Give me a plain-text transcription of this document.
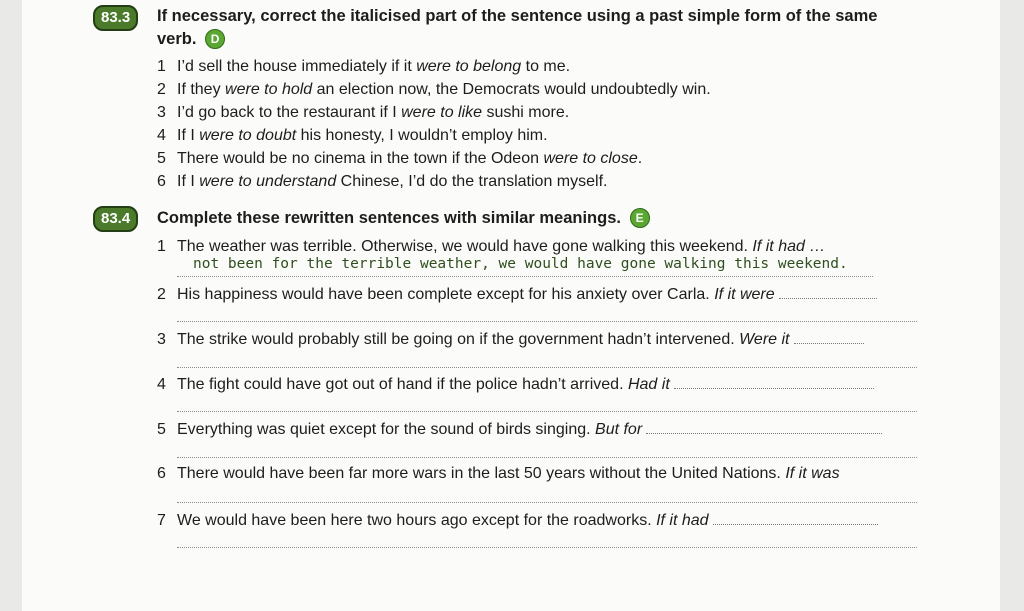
83.3	If necessary, correct the italicised part of the sentence using a past simple form of the same
verb. D
1 I’d sell the house immediately if it were to belong to me.
2 If they were to hold an election now, the Democrats would undoubtedly win.
3 I’d go back to the restaurant if I were to like sushi more.
4 If I were to doubt his honesty, I wouldn’t employ him.
5 There would be no cinema in the town if the Odeon were to close.
6 If I were to understand Chinese, I’d do the translation myself.
83.4	Complete these rewritten sentences with similar meanings. E
1 The weather was terrible. Otherwise, we would have gone walking this weekend. If it had …
not been for the terrible weather, we would have gone walking this weekend.
2 His happiness would have been complete except for his anxiety over Carla. If it were
3 The strike would probably still be going on if the government hadn’t intervened. Were it
4 The fight could have got out of hand if the police hadn’t arrived. Had it
5 Everything was quiet except for the sound of birds singing. But for
6 There would have been far more wars in the last 50 years without the United Nations. If it was
7 We would have been here two hours ago except for the roadworks. If it had
